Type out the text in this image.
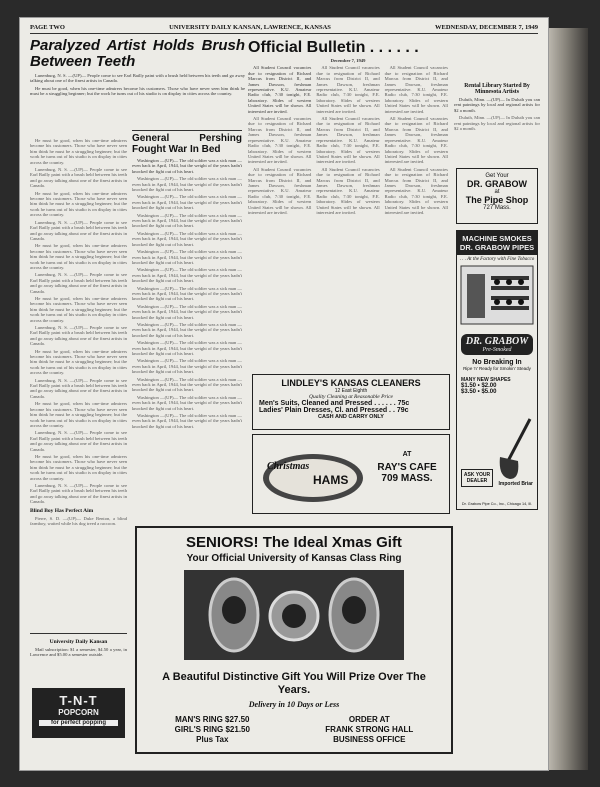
PAGE TWO	UNIVERSITY DAILY KANSAN, LAWRENCE, KANSAS	WEDNESDAY, DECEMBER 7, 1949
Paralyzed Artist Holds Brush Between Teeth

Lunenburg, N. S. —(UP)— People come to see Earl Bailly paint with a brush held between his teeth and go away talking about one of the finest artists in Canada.

He must be good, when his one-time admirers become his customers. Those who have never seen him think he must be a struggling beginner; but the work he turns out of his studio is on display in cities across the country.

He must be good, when his one-time admirers become his customers. Those who have never seen him think he must be a struggling beginner; but the work he turns out of his studio is on display in cities across the country.

Lunenburg, N. S. —(UP)— People come to see Earl Bailly paint with a brush held between his teeth and go away talking about one of the finest artists in Canada.

He must be good, when his one-time admirers become his customers. Those who have never seen him think he must be a struggling beginner; but the work he turns out of his studio is on display in cities across the country.

Lunenburg, N. S. —(UP)— People come to see Earl Bailly paint with a brush held between his teeth and go away talking about one of the finest artists in Canada.

He must be good, when his one-time admirers become his customers. Those who have never seen him think he must be a struggling beginner; but the work he turns out of his studio is on display in cities across the country.

Lunenburg, N. S. —(UP)— People come to see Earl Bailly paint with a brush held between his teeth and go away talking about one of the finest artists in Canada.

He must be good, when his one-time admirers become his customers. Those who have never seen him think he must be a struggling beginner; but the work he turns out of his studio is on display in cities across the country.

Lunenburg, N. S. —(UP)— People come to see Earl Bailly paint with a brush held between his teeth and go away talking about one of the finest artists in Canada.

He must be good, when his one-time admirers become his customers. Those who have never seen him think he must be a struggling beginner; but the work he turns out of his studio is on display in cities across the country.

Lunenburg, N. S. —(UP)— People come to see Earl Bailly paint with a brush held between his teeth and go away talking about one of the finest artists in Canada.

He must be good, when his one-time admirers become his customers. Those who have never seen him think he must be a struggling beginner; but the work he turns out of his studio is on display in cities across the country.

Lunenburg, N. S. —(UP)— People come to see Earl Bailly paint with a brush held between his teeth and go away talking about one of the finest artists in Canada.

He must be good, when his one-time admirers become his customers. Those who have never seen him think he must be a struggling beginner; but the work he turns out of his studio is on display in cities across the country.

Lunenburg, N. S. —(UP)— People come to see Earl Bailly paint with a brush held between his teeth and go away talking about one of the finest artists in Canada.

Blind Boy Has Perfect Aim

Pierre, S. D. —(UP)— Duke Benton, a blind farmboy, waited while his dog treed a raccoon.

University Daily Kansan

Mail subscription: $1 a semester, $4.50 a year, in Lawrence and $5.00 a semester outside.

T-N-T
POPCORN
for perfect popping
General Pershing Fought War In Bed

Washington —(UP)— The old soldier was a sick man — even back in April, 1944, but the weight of the years hadn't knocked the fight out of his heart.

Washington —(UP)— The old soldier was a sick man — even back in April, 1944, but the weight of the years hadn't knocked the fight out of his heart.

Washington —(UP)— The old soldier was a sick man — even back in April, 1944, but the weight of the years hadn't knocked the fight out of his heart.

Washington —(UP)— The old soldier was a sick man — even back in April, 1944, but the weight of the years hadn't knocked the fight out of his heart.

Washington —(UP)— The old soldier was a sick man — even back in April, 1944, but the weight of the years hadn't knocked the fight out of his heart.

Washington —(UP)— The old soldier was a sick man — even back in April, 1944, but the weight of the years hadn't knocked the fight out of his heart.

Washington —(UP)— The old soldier was a sick man — even back in April, 1944, but the weight of the years hadn't knocked the fight out of his heart.

Washington —(UP)— The old soldier was a sick man — even back in April, 1944, but the weight of the years hadn't knocked the fight out of his heart.

Washington —(UP)— The old soldier was a sick man — even back in April, 1944, but the weight of the years hadn't knocked the fight out of his heart.

Washington —(UP)— The old soldier was a sick man — even back in April, 1944, but the weight of the years hadn't knocked the fight out of his heart.

Washington —(UP)— The old soldier was a sick man — even back in April, 1944, but the weight of the years hadn't knocked the fight out of his heart.

Washington —(UP)— The old soldier was a sick man — even back in April, 1944, but the weight of the years hadn't knocked the fight out of his heart.

Washington —(UP)— The old soldier was a sick man — even back in April, 1944, but the weight of the years hadn't knocked the fight out of his heart.

Washington —(UP)— The old soldier was a sick man — even back in April, 1944, but the weight of the years hadn't knocked the fight out of his heart.

Washington —(UP)— The old soldier was a sick man — even back in April, 1944, but the weight of the years hadn't knocked the fight out of his heart.

Official Bulletin . . . . . .
December 7, 1949

All Student Council vacancies due to resignation of Richard Marcus from District II, and James Dawson, freshman representative. K.U. Amateur Radio club, 7:30 tonight, F.E. laboratory. Slides of western United States will be shown. All interested are invited.

All Student Council vacancies due to resignation of Richard Marcus from District II, and James Dawson, freshman representative. K.U. Amateur Radio club, 7:30 tonight, F.E. laboratory. Slides of western United States will be shown. All interested are invited.

All Student Council vacancies due to resignation of Richard Marcus from District II, and James Dawson, freshman representative. K.U. Amateur Radio club, 7:30 tonight, F.E. laboratory. Slides of western United States will be shown. All interested are invited.

All Student Council vacancies due to resignation of Richard Marcus from District II, and James Dawson, freshman representative. K.U. Amateur Radio club, 7:30 tonight, F.E. laboratory. Slides of western United States will be shown. All interested are invited.

All Student Council vacancies due to resignation of Richard Marcus from District II, and James Dawson, freshman representative. K.U. Amateur Radio club, 7:30 tonight, F.E. laboratory. Slides of western United States will be shown. All interested are invited.

All Student Council vacancies due to resignation of Richard Marcus from District II, and James Dawson, freshman representative. K.U. Amateur Radio club, 7:30 tonight, F.E. laboratory. Slides of western United States will be shown. All interested are invited.

All Student Council vacancies due to resignation of Richard Marcus from District II, and James Dawson, freshman representative. K.U. Amateur Radio club, 7:30 tonight, F.E. laboratory. Slides of western United States will be shown. All interested are invited.

All Student Council vacancies due to resignation of Richard Marcus from District II, and James Dawson, freshman representative. K.U. Amateur Radio club, 7:30 tonight, F.E. laboratory. Slides of western United States will be shown. All interested are invited.

All Student Council vacancies due to resignation of Richard Marcus from District II, and James Dawson, freshman representative. K.U. Amateur Radio club, 7:30 tonight, F.E. laboratory. Slides of western United States will be shown. All interested are invited.

Rental Library Started By Minnesota Artists

Duluth, Minn. —(UP)— In Duluth you can rent paintings by local and regional artists for $2 a month.

Duluth, Minn. —(UP)— In Duluth you can rent paintings by local and regional artists for $2 a month.

Get Your
DR. GRABOW
at
The Pipe Shop
727 Mass.
MACHINE SMOKES DR. GRABOW PIPES
. . . At the Factory with Fine Tobacco
DR. GRABOW
Pre-Smoked
No Breaking In
Ripe 'n' Ready for Smokin' Steady
MANY NEW SHAPES
$1.50 • $2.00
$3.50 • $5.00
ASK YOUR DEALER	Imported Briar
Dr. Grabow Pipe Co., Inc., Chicago 14, Ill.
LINDLEY'S KANSAS CLEANERS
12 East Eighth
Quality Cleaning at Reasonable Price
Men's Suits, Cleaned and Pressed . . . . . . 75c
Ladies' Plain Dresses, Cl. and Pressed . . 79c
CASH AND CARRY ONLY
Christmas
HAMS
AT
RAY'S CAFE
709 MASS.
SENIORS! The Ideal Xmas Gift
Your Official University of Kansas Class Ring
A Beautiful Distinctive Gift You Will Prize Over The Years.
Delivery in 10 Days or Less
MAN'S RING $27.50
GIRL'S RING $21.50
Plus Tax
ORDER AT
FRANK STRONG HALL
BUSINESS OFFICE
